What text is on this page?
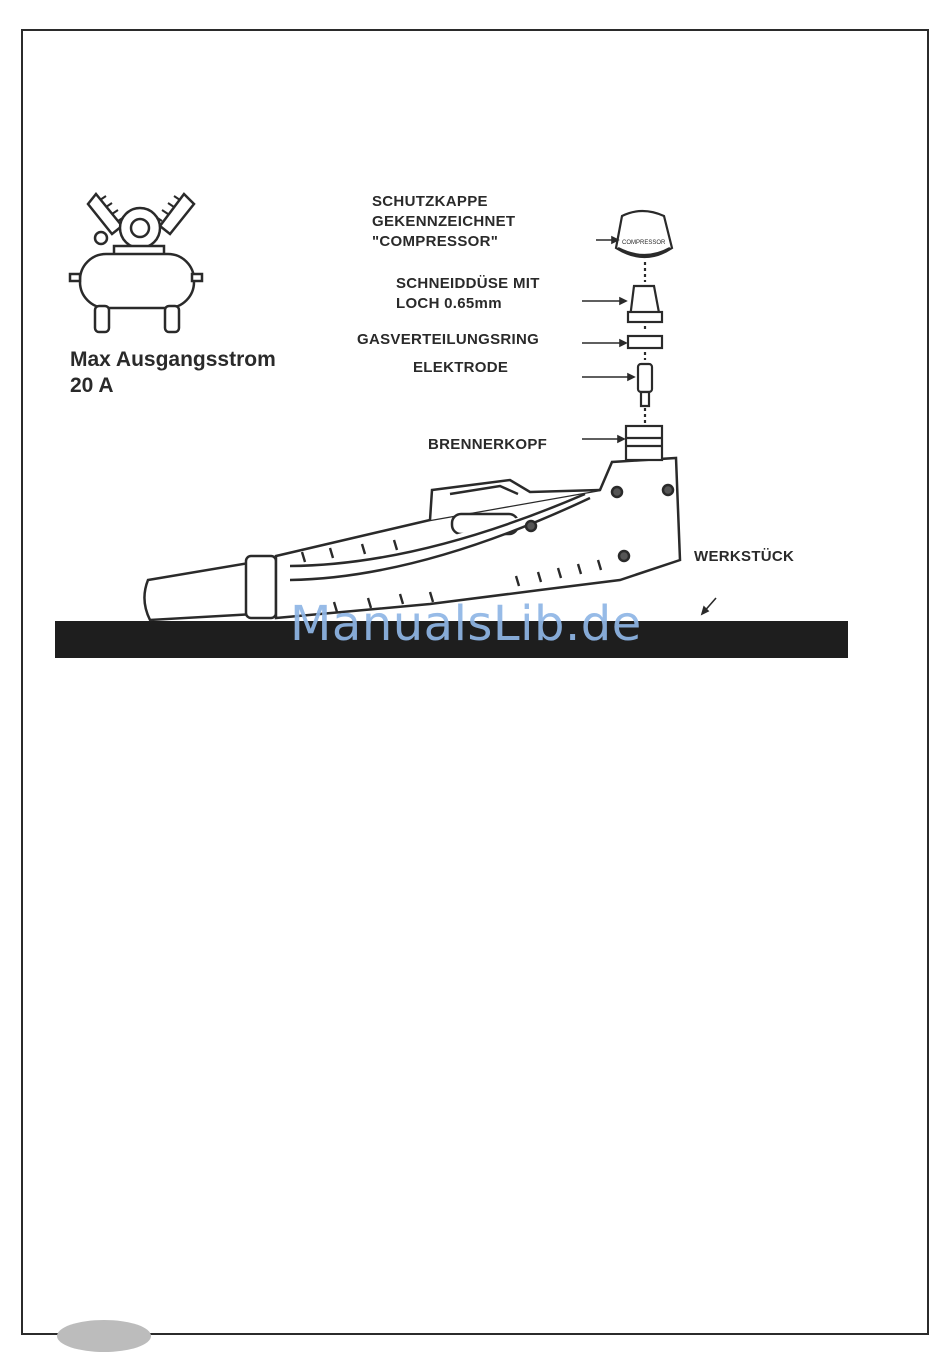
COMPRESSOR
Max Ausgangsstrom
20 A
SCHUTZKAPPE
GEKENNZEICHNET
"COMPRESSOR"
SCHNEIDDÜSE MIT
LOCH 0.65mm
GASVERTEILUNGSRING
ELEKTRODE
BRENNERKOPF
WERKSTÜCK
ManualsLib.de
